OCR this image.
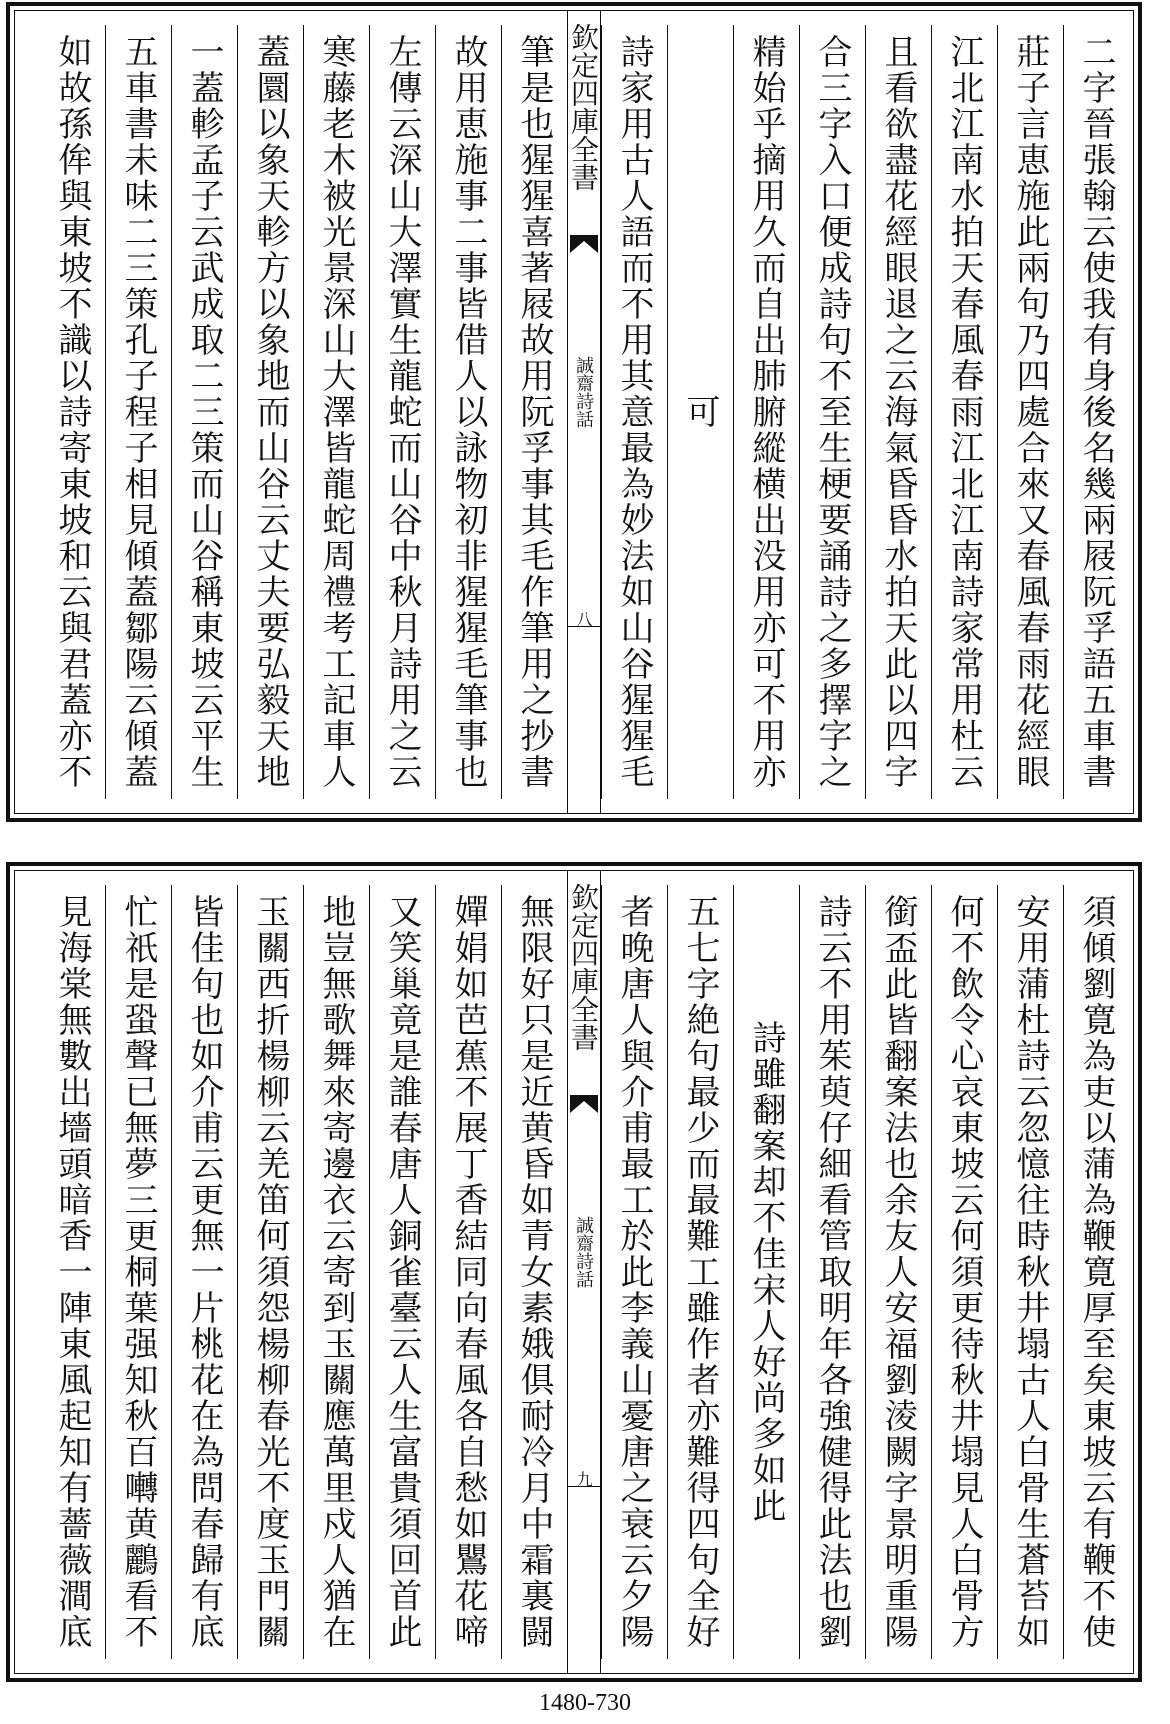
二字晉張翰云使我有身後名幾兩屐阮孚語五車書
莊子言恵施此兩句乃四處合來又春風春雨花經眼
江北江南水拍天春風春雨江北江南詩家常用杜云
且看欲盡花經眼退之云海氣昏昏水拍天此以四字
合三字入口便成詩句不至生梗要誦詩之多擇字之
精始乎摘用久而自出肺腑縱横出没用亦可不用亦
可
詩家用古人語而不用其意最為妙法如山谷猩猩毛
欽定四庫全書
誠齋詩話
八
筆是也猩猩喜著屐故用阮孚事其毛作筆用之抄書
故用恵施事二事皆借人以詠物初非猩猩毛筆事也
左傳云深山大澤實生龍蛇而山谷中秋月詩用之云
寒藤老木被光景深山大澤皆龍蛇周禮考工記車人
蓋圜以象天軫方以象地而山谷云丈夫要弘毅天地
一蓋軫孟子云武成取二三策而山谷稱東坡云平生
五車書未味二三策孔子程子相見傾蓋鄒陽云傾蓋
如故孫侔與東坡不識以詩寄東坡和云與君蓋亦不
須傾劉寛為吏以蒲為鞭寛厚至矣東坡云有鞭不使
安用蒲杜詩云忽憶往時秋井塌古人白骨生蒼苔如
何不飲令心哀東坡云何須更待秋井塌見人白骨方
銜盃此皆翻案法也余友人安福劉淩闕字景明重陽
詩云不用茱萸仔細看管取明年各強健得此法也劉
詩雖翻案却不佳宋人好尚多如此
五七字絶句最少而最難工雖作者亦難得四句全好
者晚唐人與介甫最工於此李義山憂唐之衰云夕陽
欽定四庫全書
誠齋詩話
九
無限好只是近黄昏如青女素娥俱耐冷月中霜裏闘
嬋娟如芭蕉不展丁香結同向春風各自愁如鸎花啼
又笑巢竟是誰春唐人銅雀臺云人生富貴須回首此
地豈無歌舞來寄邊衣云寄到玉關應萬里戍人猶在
玉關西折楊柳云羌笛何須怨楊柳春光不度玉門關
皆佳句也如介甫云更無一片桃花在為問春歸有底
忙祇是蛩聲已無夢三更桐葉强知秋百囀黄鸝看不
見海棠無數出墻頭暗香一陣東風起知有薔薇澗底
1480-730
